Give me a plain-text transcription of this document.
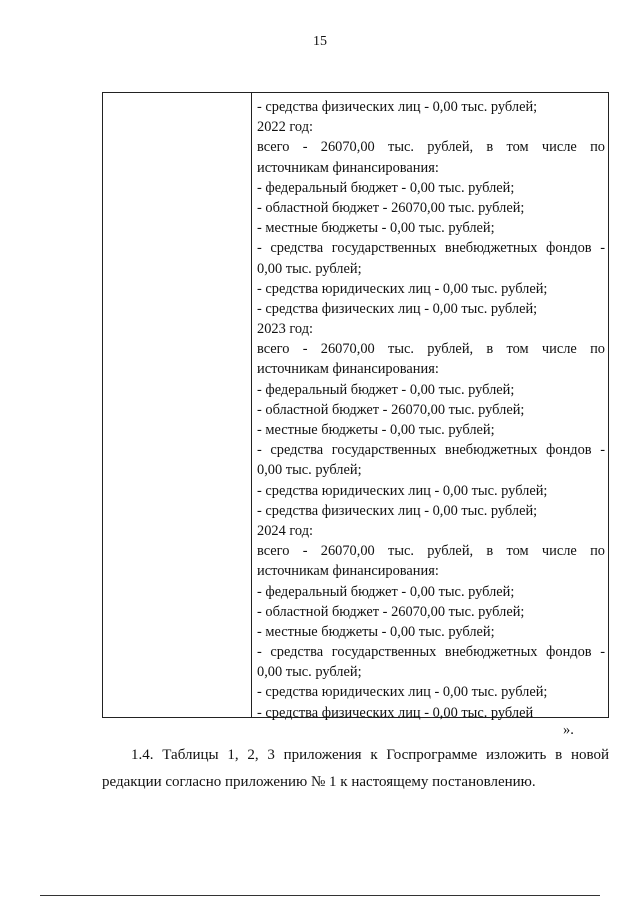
15
- средства физических лиц - 0,00 тыс. рублей;
2022 год:
всего - 26070,00 тыс. рублей, в том числе по
источникам финансирования:
- федеральный бюджет - 0,00 тыс. рублей;
- областной бюджет - 26070,00 тыс. рублей;
- местные бюджеты - 0,00 тыс. рублей;
- средства государственных внебюджетных фондов -
0,00 тыс. рублей;
- средства юридических лиц - 0,00 тыс. рублей;
- средства физических лиц - 0,00 тыс. рублей;
2023 год:
всего - 26070,00 тыс. рублей, в том числе по
источникам финансирования:
- федеральный бюджет - 0,00 тыс. рублей;
- областной бюджет - 26070,00 тыс. рублей;
- местные бюджеты - 0,00 тыс. рублей;
- средства государственных внебюджетных фондов -
0,00 тыс. рублей;
- средства юридических лиц - 0,00 тыс. рублей;
- средства физических лиц - 0,00 тыс. рублей;
2024 год:
всего - 26070,00 тыс. рублей, в том числе по
источникам финансирования:
- федеральный бюджет - 0,00 тыс. рублей;
- областной бюджет - 26070,00 тыс. рублей;
- местные бюджеты - 0,00 тыс. рублей;
- средства государственных внебюджетных фондов -
0,00 тыс. рублей;
- средства юридических лиц - 0,00 тыс. рублей;
- средства физических лиц - 0,00 тыс. рублей
».
1.4. Таблицы 1, 2, 3 приложения к Госпрограмме изложить в новой
редакции согласно приложению № 1 к настоящему постановлению.
